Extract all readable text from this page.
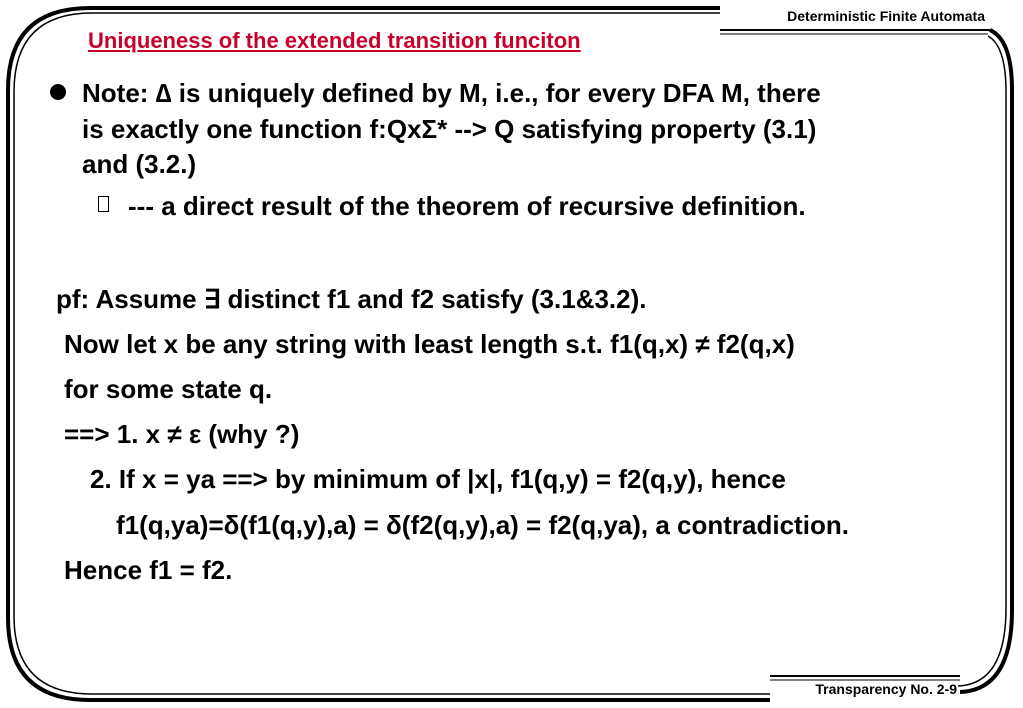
Deterministic Finite Automata
Uniqueness of the extended transition funciton
Note: ∆ is uniquely defined by M, i.e., for every DFA M, there
is exactly one function f:QxΣ* --> Q satisfying property (3.1)
and (3.2.)
--- a direct result of the theorem of recursive definition.
pf: Assume ∃ distinct f1 and f2 satisfy (3.1&3.2).
Now let x be any string with least length s.t. f1(q,x) ≠ f2(q,x)
for some state q.
==> 1. x ≠ ε (why ?)
2. If x = ya ==> by minimum of |x|, f1(q,y) = f2(q,y), hence
f1(q,ya)=δ(f1(q,y),a) = δ(f2(q,y),a) = f2(q,ya), a contradiction.
Hence f1 = f2.
Transparency No. 2-9
